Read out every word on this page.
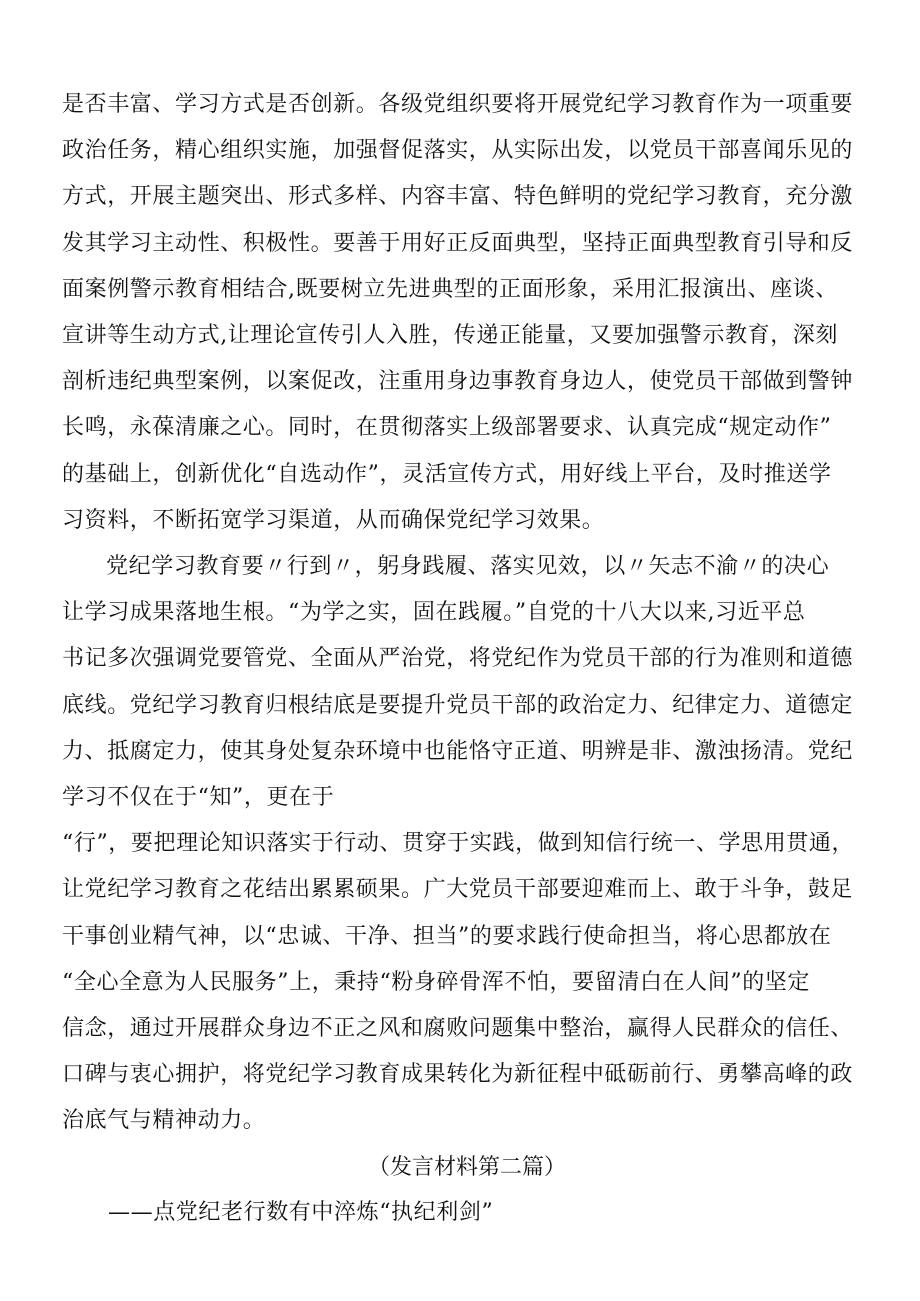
是否丰富、学习方式是否创新。各级党组织要将开展党纪学习教育作为一项重要
政治任务，精心组织实施，加强督促落实，从实际出发，以党员干部喜闻乐见的
方式，开展主题突出、形式多样、内容丰富、特色鲜明的党纪学习教育，充分激
发其学习主动性、积极性。要善于用好正反面典型，坚持正面典型教育引导和反
面案例警示教育相结合,既要树立先进典型的正面形象，采用汇报演出、座谈、
宣讲等生动方式,让理论宣传引人入胜，传递正能量，又要加强警示教育，深刻
剖析违纪典型案例，以案促改，注重用身边事教育身边人，使党员干部做到警钟
长鸣，永葆清廉之心。同时，在贯彻落实上级部署要求、认真完成“规定动作”
的基础上，创新优化“自选动作”，灵活宣传方式，用好线上平台，及时推送学
习资料，不断拓宽学习渠道，从而确保党纪学习效果。

党纪学习教育要〃行到〃，躬身践履、落实见效，以〃矢志不渝〃的决心
让学习成果落地生根。“为学之实，固在践履。”自党的十八大以来,习近平总
书记多次强调党要管党、全面从严治党，将党纪作为党员干部的行为准则和道德
底线。党纪学习教育归根结底是要提升党员干部的政治定力、纪律定力、道德定
力、抵腐定力，使其身处复杂环境中也能恪守正道、明辨是非、激浊扬清。党纪
学习不仅在于“知”，更在于

“行”，要把理论知识落实于行动、贯穿于实践，做到知信行统一、学思用贯通，
让党纪学习教育之花结出累累硕果。广大党员干部要迎难而上、敢于斗争，鼓足
干事创业精气神，以“忠诚、干净、担当”的要求践行使命担当，将心思都放在
“全心全意为人民服务”上，秉持“粉身碎骨浑不怕，要留清白在人间”的坚定
信念，通过开展群众身边不正之风和腐败问题集中整治，赢得人民群众的信任、
口碑与衷心拥护，将党纪学习教育成果转化为新征程中砥砺前行、勇攀高峰的政
治底气与精神动力。

（发言材料第二篇）

——点党纪老行数有中淬炼“执纪利剑”
